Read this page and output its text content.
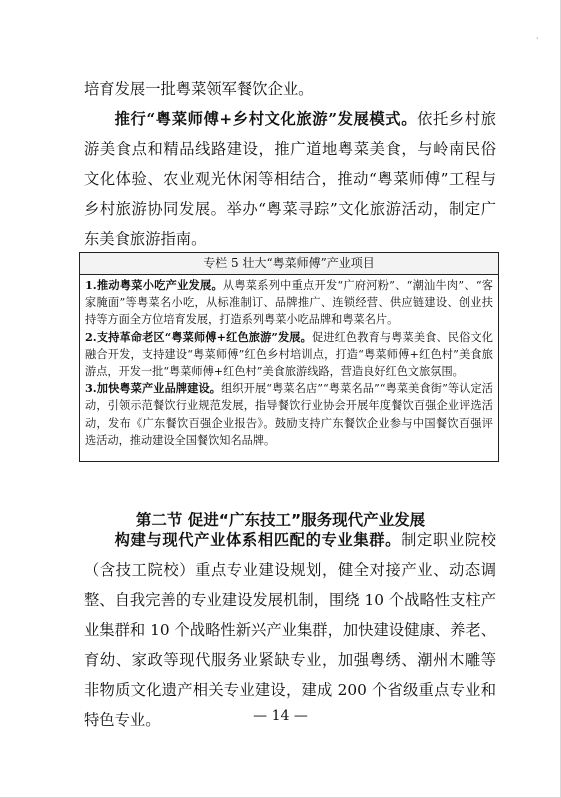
·

培育发展一批粤菜领军餐饮企业。

推行“粤菜师傅+乡村文化旅游”发展模式。依托乡村旅游美食点和精品线路建设，推广道地粤菜美食，与岭南民俗文化体验、农业观光休闲等相结合，推动“粤菜师傅”工程与乡村旅游协同发展。举办“粤菜寻踪”文化旅游活动，制定广东美食旅游指南。

专栏 5 壮大“粤菜师傅”产业项目

1.推动粤菜小吃产业发展。从粤菜系列中重点开发“广府河粉”、“潮汕牛肉”、“客家腌面”等粤菜名小吃，从标准制订、品牌推广、连锁经营、供应链建设、创业扶持等方面全方位培育发展，打造系列粤菜小吃品牌和粤菜名片。

2.支持革命老区“粤菜师傅+红色旅游”发展。促进红色教育与粤菜美食、民俗文化融合开发，支持建设“粤菜师傅”红色乡村培训点，打造“粤菜师傅+红色村”美食旅游点，开发一批“粤菜师傅+红色村”美食旅游线路，营造良好红色文旅氛围。

3.加快粤菜产业品牌建设。组织开展“粤菜名店”“粤菜名品”“粤菜美食街”等认定活动，引领示范餐饮行业规范发展，指导餐饮行业协会开展年度餐饮百强企业评选活动，发布《广东餐饮百强企业报告》。鼓励支持广东餐饮企业参与中国餐饮百强评选活动，推动建设全国餐饮知名品牌。

第二节 促进“广东技工”服务现代产业发展

构建与现代产业体系相匹配的专业集群。制定职业院校（含技工院校）重点专业建设规划，健全对接产业、动态调整、自我完善的专业建设发展机制，围绕 10 个战略性支柱产业集群和 10 个战略性新兴产业集群，加快建设健康、养老、育幼、家政等现代服务业紧缺专业，加强粤绣、潮州木雕等非物质文化遗产相关专业建设，建成 200 个省级重点专业和特色专业。	— 14 —
